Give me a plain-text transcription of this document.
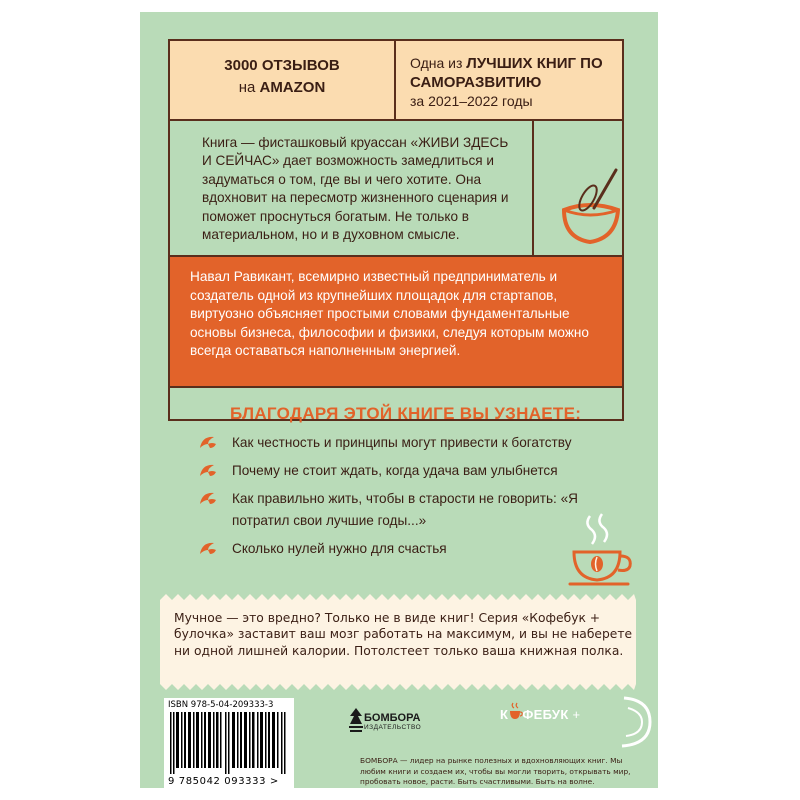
3000 ОТЗЫВОВ
на AMAZON
Одна из ЛУЧШИХ КНИГ ПО САМОРАЗВИТИЮ
за 2021–2022 годы
Книга — фисташковый круассан «ЖИВИ ЗДЕСЬ И СЕЙЧАС» дает возможность замедлиться и задуматься о том, где вы и чего хотите. Она вдохновит на пересмотр жизненного сценария и поможет проснуться богатым. Не только в материальном, но и в духовном смысле.

Навал Равикант, всемирно известный предприниматель и создатель одной из крупнейших площадок для стартапов, виртуозно объясняет простыми словами фундаментальные основы бизнеса, философии и физики, следуя которым можно всегда оставаться наполненным энергией.

БЛАГОДАРЯ ЭТОЙ КНИГЕ ВЫ УЗНАЕТЕ:
Как честность и принципы могут привести к богатству
Почему не стоит ждать, когда удача вам улыбнется
Как правильно жить, чтобы в старости не говорить: «Я потратил свои лучшие годы...»
Сколько нулей нужно для счастья

Мучное — это вредно? Только не в виде книг! Серия «Кофебук + булочка» заставит ваш мозг работать на максимум, и вы не наберете ни одной лишней калории. Потолстеет только ваша книжная полка.

ISBN 978-5-04-209333-3
9 785042 093333 >
БОМБОРА
ИЗДАТЕЛЬСТВО
К ФЕБУК +
БОМБОРА — лидер на рынке полезных и вдохновляющих книг. Мы любим книги и создаем их, чтобы вы могли творить, открывать мир, пробовать новое, расти. Быть счастливыми. Быть на волне.
